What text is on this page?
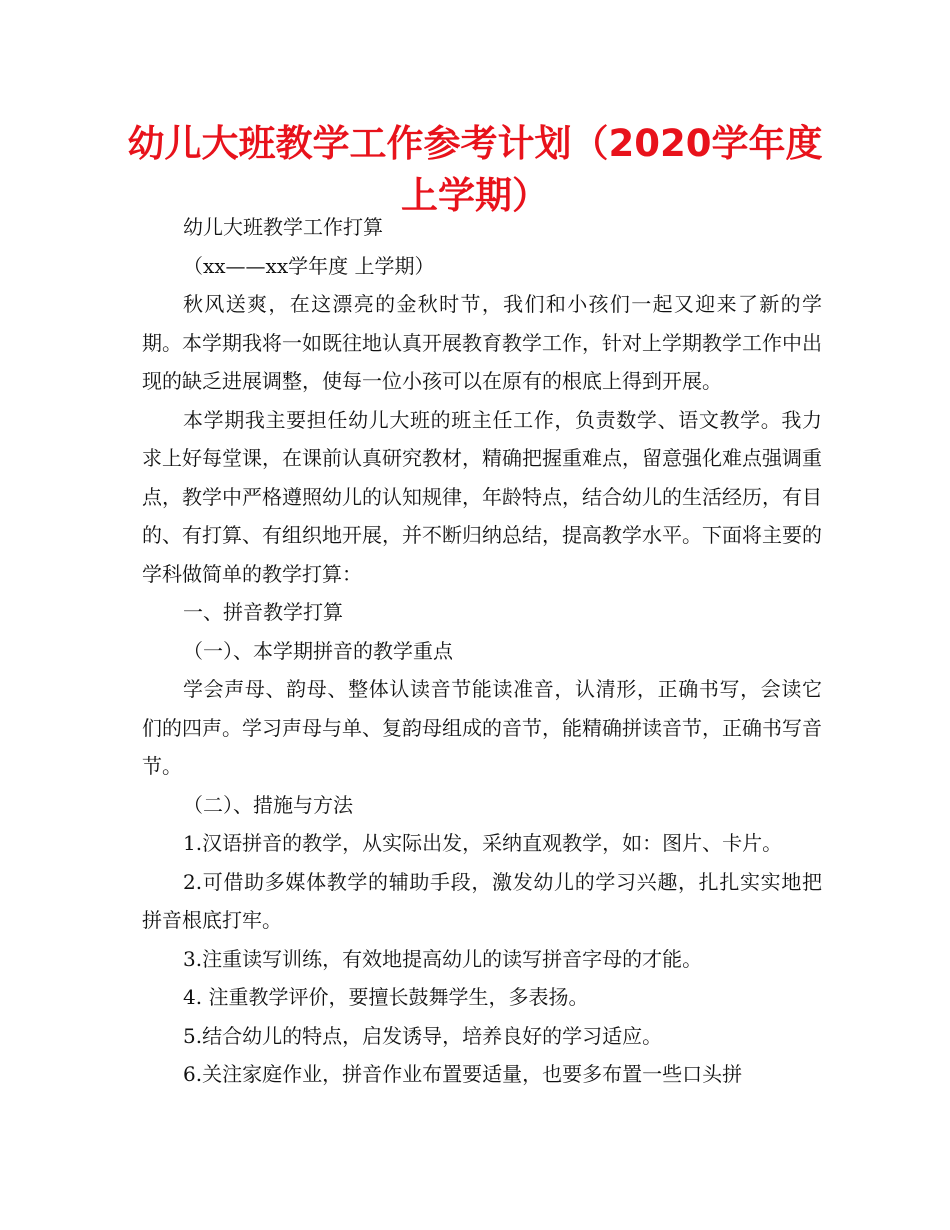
幼儿大班教学工作参考计划（2020学年度
上学期）

幼儿大班教学工作打算

（xx——xx学年度 上学期）

秋风送爽，在这漂亮的金秋时节，我们和小孩们一起又迎来了新的学期。本学期我将一如既往地认真开展教育教学工作，针对上学期教学工作中出现的缺乏进展调整，使每一位小孩可以在原有的根底上得到开展。

本学期我主要担任幼儿大班的班主任工作，负责数学、语文教学。我力求上好每堂课，在课前认真研究教材，精确把握重难点，留意强化难点强调重点，教学中严格遵照幼儿的认知规律，年龄特点，结合幼儿的生活经历，有目的、有打算、有组织地开展，并不断归纳总结，提高教学水平。下面将主要的学科做简单的教学打算：

一、拼音教学打算

（一）、本学期拼音的教学重点

学会声母、韵母、整体认读音节能读准音，认清形，正确书写，会读它们的四声。学习声母与单、复韵母组成的音节，能精确拼读音节，正确书写音节。

（二）、措施与方法

1.汉语拼音的教学，从实际出发，采纳直观教学，如：图片、卡片。

2.可借助多媒体教学的辅助手段，激发幼儿的学习兴趣，扎扎实实地把拼音根底打牢。

3.注重读写训练，有效地提高幼儿的读写拼音字母的才能。

4. 注重教学评价，要擅长鼓舞学生，多表扬。

5.结合幼儿的特点，启发诱导，培养良好的学习适应。

6.关注家庭作业，拼音作业布置要适量，也要多布置一些口头拼
